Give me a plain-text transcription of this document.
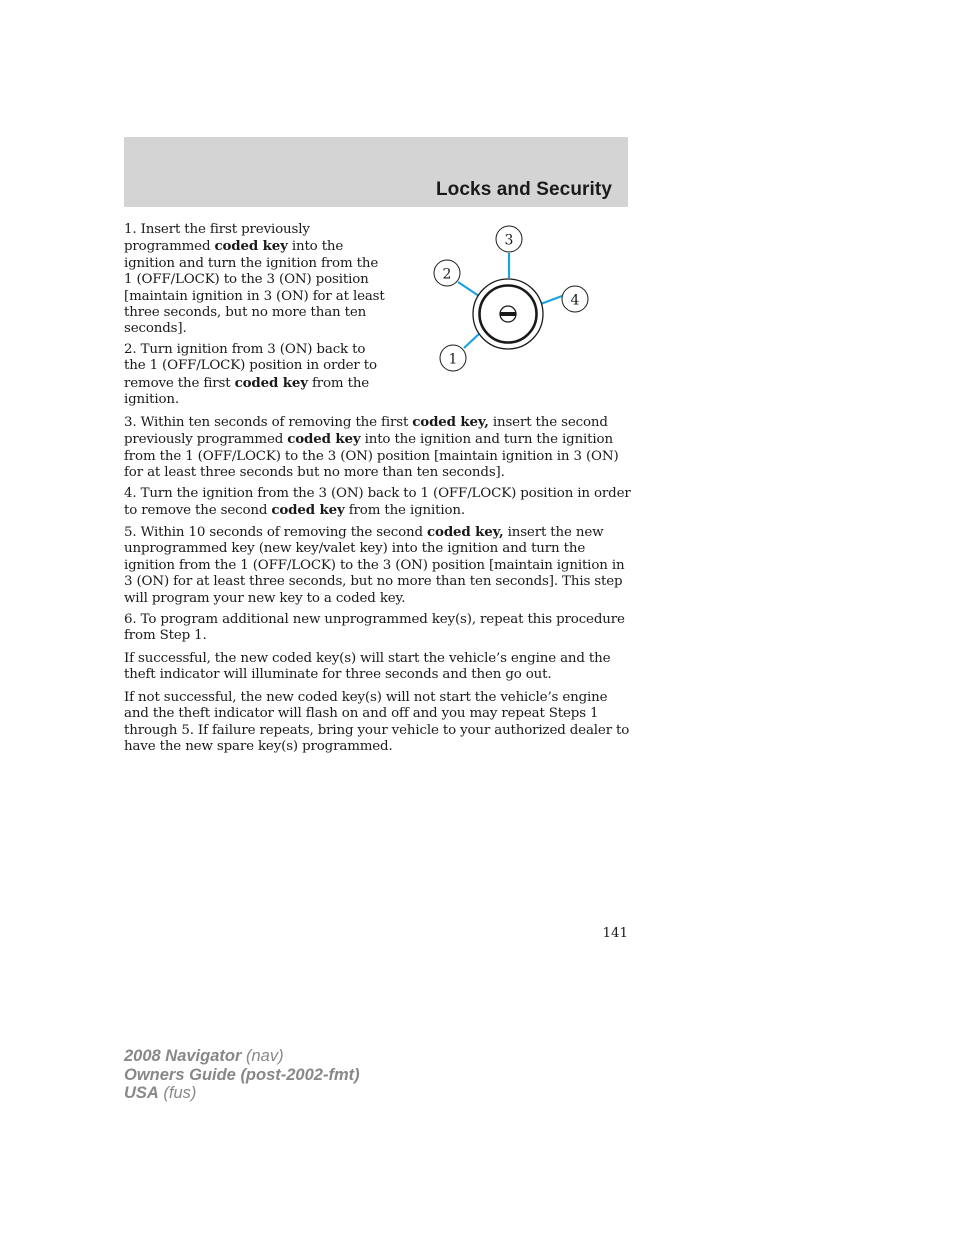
Locks and Security

1. Insert the first previously programmed coded key into the ignition and turn the ignition from the 1 (OFF/LOCK) to the 3 (ON) position [maintain ignition in 3 (ON) for at least three seconds, but no more than ten seconds].

2. Turn ignition from 3 (ON) back to the 1 (OFF/LOCK) position in order to remove the first coded key from the ignition.

3
2
4
1

3. Within ten seconds of removing the first coded key, insert the second previously programmed coded key into the ignition and turn the ignition from the 1 (OFF/LOCK) to the 3 (ON) position [maintain ignition in 3 (ON) for at least three seconds but no more than ten seconds].

4. Turn the ignition from the 3 (ON) back to 1 (OFF/LOCK) position in order to remove the second coded key from the ignition.

5. Within 10 seconds of removing the second coded key, insert the new unprogrammed key (new key/valet key) into the ignition and turn the ignition from the 1 (OFF/LOCK) to the 3 (ON) position [maintain ignition in 3 (ON) for at least three seconds, but no more than ten seconds]. This step will program your new key to a coded key.

6. To program additional new unprogrammed key(s), repeat this procedure from Step 1.

If successful, the new coded key(s) will start the vehicle’s engine and the theft indicator will illuminate for three seconds and then go out.

If not successful, the new coded key(s) will not start the vehicle’s engine and the theft indicator will flash on and off and you may repeat Steps 1 through 5. If failure repeats, bring your vehicle to your authorized dealer to have the new spare key(s) programmed.

141
2008 Navigator (nav)
Owners Guide (post-2002-fmt)
USA (fus)
